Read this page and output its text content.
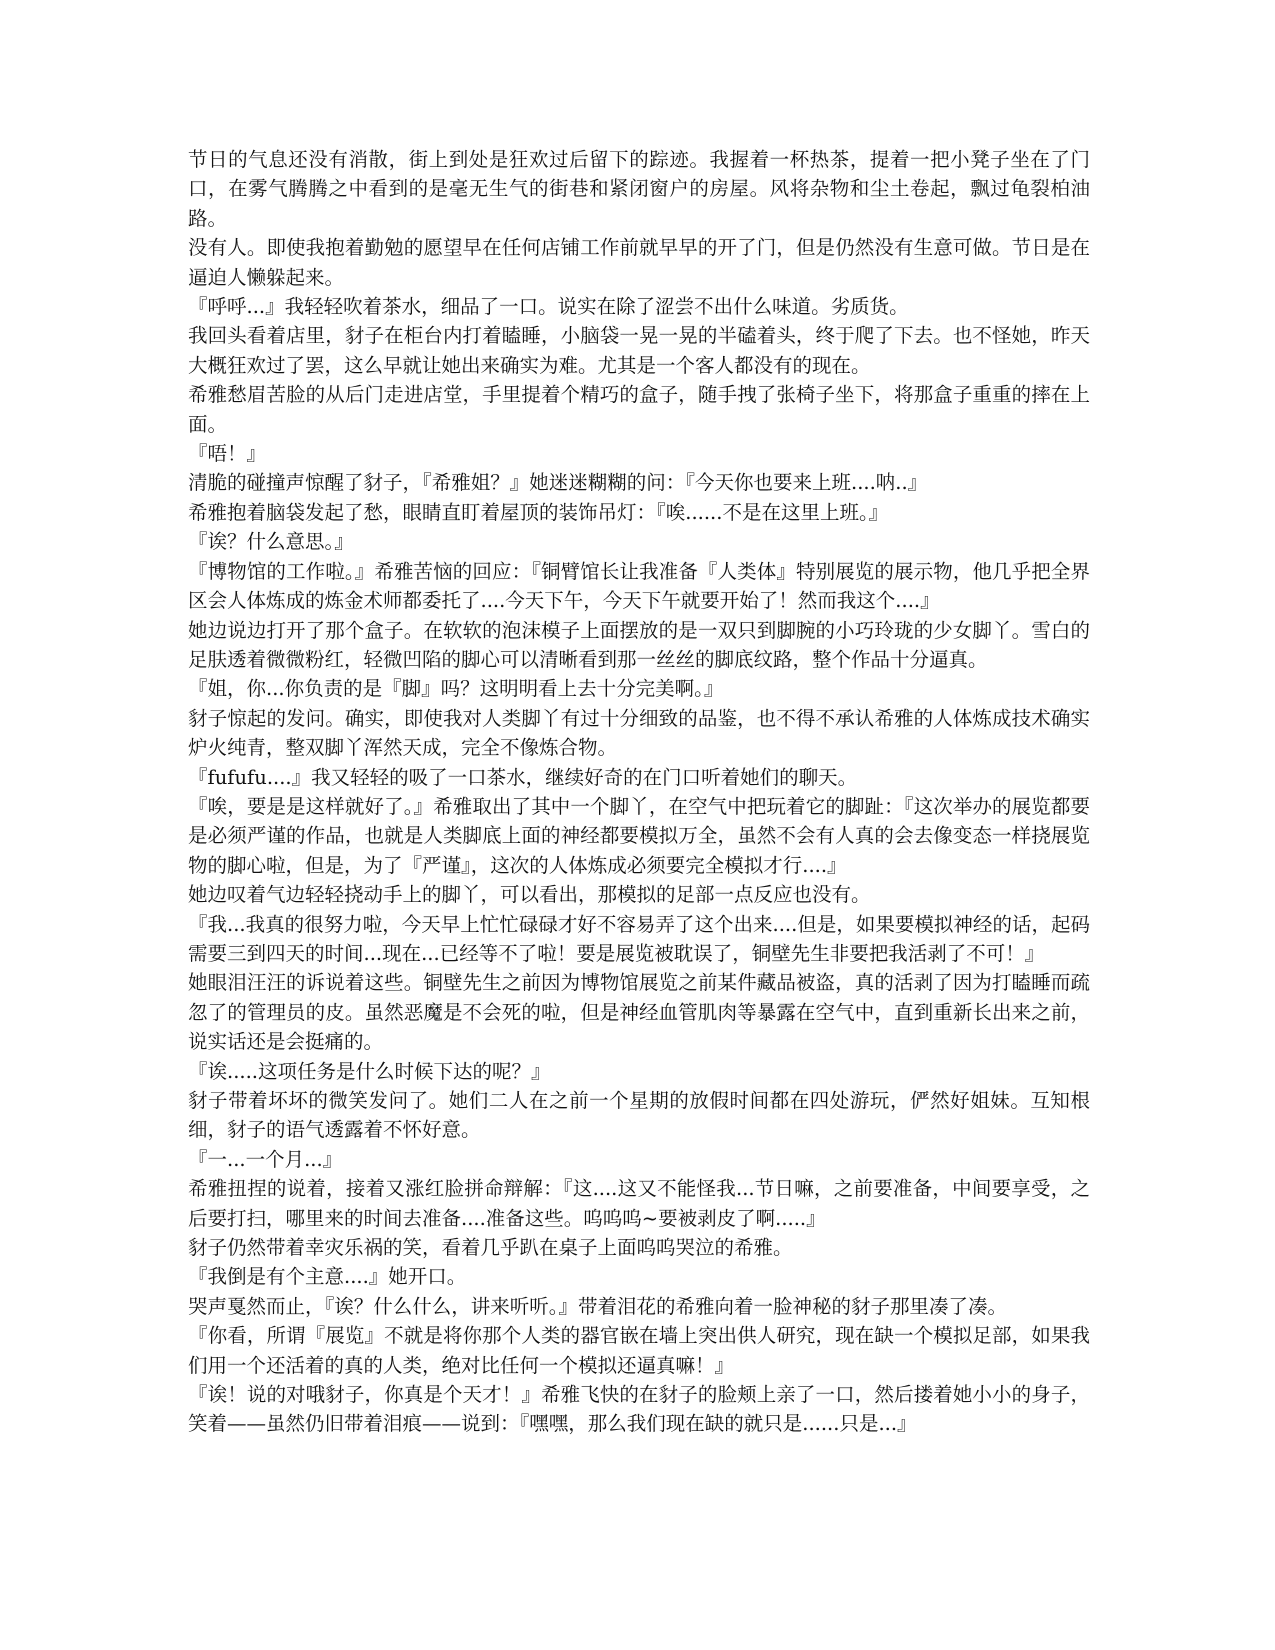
节日的气息还没有消散，街上到处是狂欢过后留下的踪迹。我握着一杯热茶，提着一把小凳子坐在了门口，在雾气腾腾之中看到的是毫无生气的街巷和紧闭窗户的房屋。风将杂物和尘土卷起，飘过龟裂柏油路。

没有人。即使我抱着勤勉的愿望早在任何店铺工作前就早早的开了门，但是仍然没有生意可做。节日是在逼迫人懒躲起来。

『呼呼...』我轻轻吹着茶水，细品了一口。说实在除了涩尝不出什么味道。劣质货。

我回头看着店里，豺子在柜台内打着瞌睡，小脑袋一晃一晃的半磕着头，终于爬了下去。也不怪她，昨天大概狂欢过了罢，这么早就让她出来确实为难。尤其是一个客人都没有的现在。

希雅愁眉苦脸的从后门走进店堂，手里提着个精巧的盒子，随手拽了张椅子坐下，将那盒子重重的摔在上面。

『唔！』

清脆的碰撞声惊醒了豺子，『希雅姐？』她迷迷糊糊的问：『今天你也要来上班....呐..』

希雅抱着脑袋发起了愁，眼睛直盯着屋顶的装饰吊灯：『唉......不是在这里上班。』

『诶？什么意思。』

『博物馆的工作啦。』希雅苦恼的回应：『铜臂馆长让我准备『人类体』特别展览的展示物，他几乎把全界区会人体炼成的炼金术师都委托了....今天下午，今天下午就要开始了！然而我这个....』

她边说边打开了那个盒子。在软软的泡沫模子上面摆放的是一双只到脚腕的小巧玲珑的少女脚丫。雪白的足肤透着微微粉红，轻微凹陷的脚心可以清晰看到那一丝丝的脚底纹路，整个作品十分逼真。

『姐，你...你负责的是『脚』吗？这明明看上去十分完美啊。』

豺子惊起的发问。确实，即使我对人类脚丫有过十分细致的品鉴，也不得不承认希雅的人体炼成技术确实炉火纯青，整双脚丫浑然天成，完全不像炼合物。

『fufufu....』我又轻轻的吸了一口茶水，继续好奇的在门口听着她们的聊天。

『唉，要是是这样就好了。』希雅取出了其中一个脚丫，在空气中把玩着它的脚趾：『这次举办的展览都要是必须严谨的作品，也就是人类脚底上面的神经都要模拟万全，虽然不会有人真的会去像变态一样挠展览物的脚心啦，但是，为了『严谨』，这次的人体炼成必须要完全模拟才行....』

她边叹着气边轻轻挠动手上的脚丫，可以看出，那模拟的足部一点反应也没有。

『我...我真的很努力啦，今天早上忙忙碌碌才好不容易弄了这个出来....但是，如果要模拟神经的话，起码需要三到四天的时间...现在...已经等不了啦！要是展览被耽误了，铜壁先生非要把我活剥了不可！』

她眼泪汪汪的诉说着这些。铜壁先生之前因为博物馆展览之前某件藏品被盗，真的活剥了因为打瞌睡而疏忽了的管理员的皮。虽然恶魔是不会死的啦，但是神经血管肌肉等暴露在空气中，直到重新长出来之前，说实话还是会挺痛的。

『诶.....这项任务是什么时候下达的呢？』

豺子带着坏坏的微笑发问了。她们二人在之前一个星期的放假时间都在四处游玩，俨然好姐妹。互知根细，豺子的语气透露着不怀好意。

『一...一个月...』

希雅扭捏的说着，接着又涨红脸拼命辩解：『这....这又不能怪我...节日嘛，之前要准备，中间要享受，之后要打扫，哪里来的时间去准备....准备这些。呜呜呜~要被剥皮了啊.....』

豺子仍然带着幸灾乐祸的笑，看着几乎趴在桌子上面呜呜哭泣的希雅。

『我倒是有个主意....』她开口。

哭声戛然而止，『诶？什么什么，讲来听听。』带着泪花的希雅向着一脸神秘的豺子那里凑了凑。

『你看，所谓『展览』不就是将你那个人类的器官嵌在墙上突出供人研究，现在缺一个模拟足部，如果我们用一个还活着的真的人类，绝对比任何一个模拟还逼真嘛！』

『诶！说的对哦豺子，你真是个天才！』希雅飞快的在豺子的脸颊上亲了一口，然后搂着她小小的身子，笑着——虽然仍旧带着泪痕——说到：『嘿嘿，那么我们现在缺的就只是......只是...』
